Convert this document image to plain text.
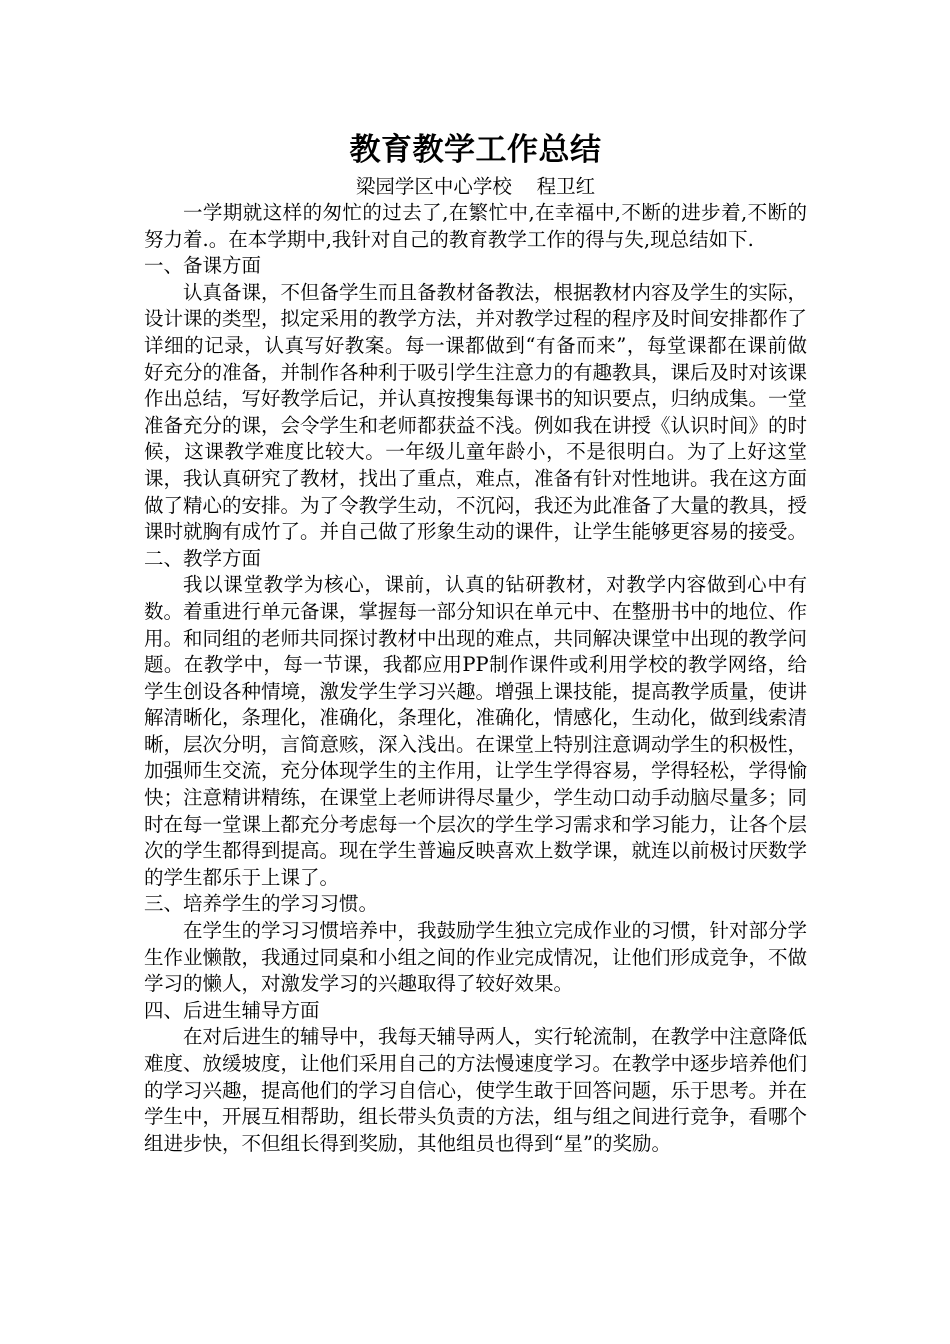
教育教学工作总结

梁园学区中心学校    程卫红

一学期就这样的匆忙的过去了,在繁忙中,在幸福中,不断的进步着,不断的努力着.。在本学期中,我针对自己的教育教学工作的得与失,现总结如下.

一、备课方面

认真备课，不但备学生而且备教材备教法，根据教材内容及学生的实际，设计课的类型，拟定采用的教学方法，并对教学过程的程序及时间安排都作了详细的记录，认真写好教案。每一课都做到“有备而来”，每堂课都在课前做好充分的准备，并制作各种利于吸引学生注意力的有趣教具，课后及时对该课作出总结，写好教学后记，并认真按搜集每课书的知识要点，归纳成集。一堂准备充分的课，会令学生和老师都获益不浅。例如我在讲授《认识时间》的时候，这课教学难度比较大。一年级儿童年龄小，不是很明白。为了上好这堂课，我认真研究了教材，找出了重点，难点，准备有针对性地讲。我在这方面做了精心的安排。为了令教学生动，不沉闷，我还为此准备了大量的教具，授课时就胸有成竹了。并自己做了形象生动的课件，让学生能够更容易的接受。

二、教学方面

我以课堂教学为核心，课前，认真的钻研教材，对教学内容做到心中有数。着重进行单元备课，掌握每一部分知识在单元中、在整册书中的地位、作用。和同组的老师共同探讨教材中出现的难点，共同解决课堂中出现的教学问题。在教学中，每一节课，我都应用PP制作课件或利用学校的教学网络，给学生创设各种情境，激发学生学习兴趣。增强上课技能，提高教学质量，使讲解清晰化，条理化，准确化，条理化，准确化，情感化，生动化，做到线索清晰，层次分明，言简意赅，深入浅出。在课堂上特别注意调动学生的积极性，加强师生交流，充分体现学生的主作用，让学生学得容易，学得轻松，学得愉快；注意精讲精练，在课堂上老师讲得尽量少，学生动口动手动脑尽量多；同时在每一堂课上都充分考虑每一个层次的学生学习需求和学习能力，让各个层次的学生都得到提高。现在学生普遍反映喜欢上数学课，就连以前极讨厌数学的学生都乐于上课了。

三、培养学生的学习习惯。

在学生的学习习惯培养中，我鼓励学生独立完成作业的习惯，针对部分学生作业懒散，我通过同桌和小组之间的作业完成情况，让他们形成竞争，不做学习的懒人，对激发学习的兴趣取得了较好效果。

四、后进生辅导方面

在对后进生的辅导中，我每天辅导两人，实行轮流制，在教学中注意降低难度、放缓坡度，让他们采用自己的方法慢速度学习。在教学中逐步培养他们的学习兴趣，提高他们的学习自信心，使学生敢于回答问题，乐于思考。并在学生中，开展互相帮助，组长带头负责的方法，组与组之间进行竞争，看哪个组进步快，不但组长得到奖励，其他组员也得到“星”的奖励。
